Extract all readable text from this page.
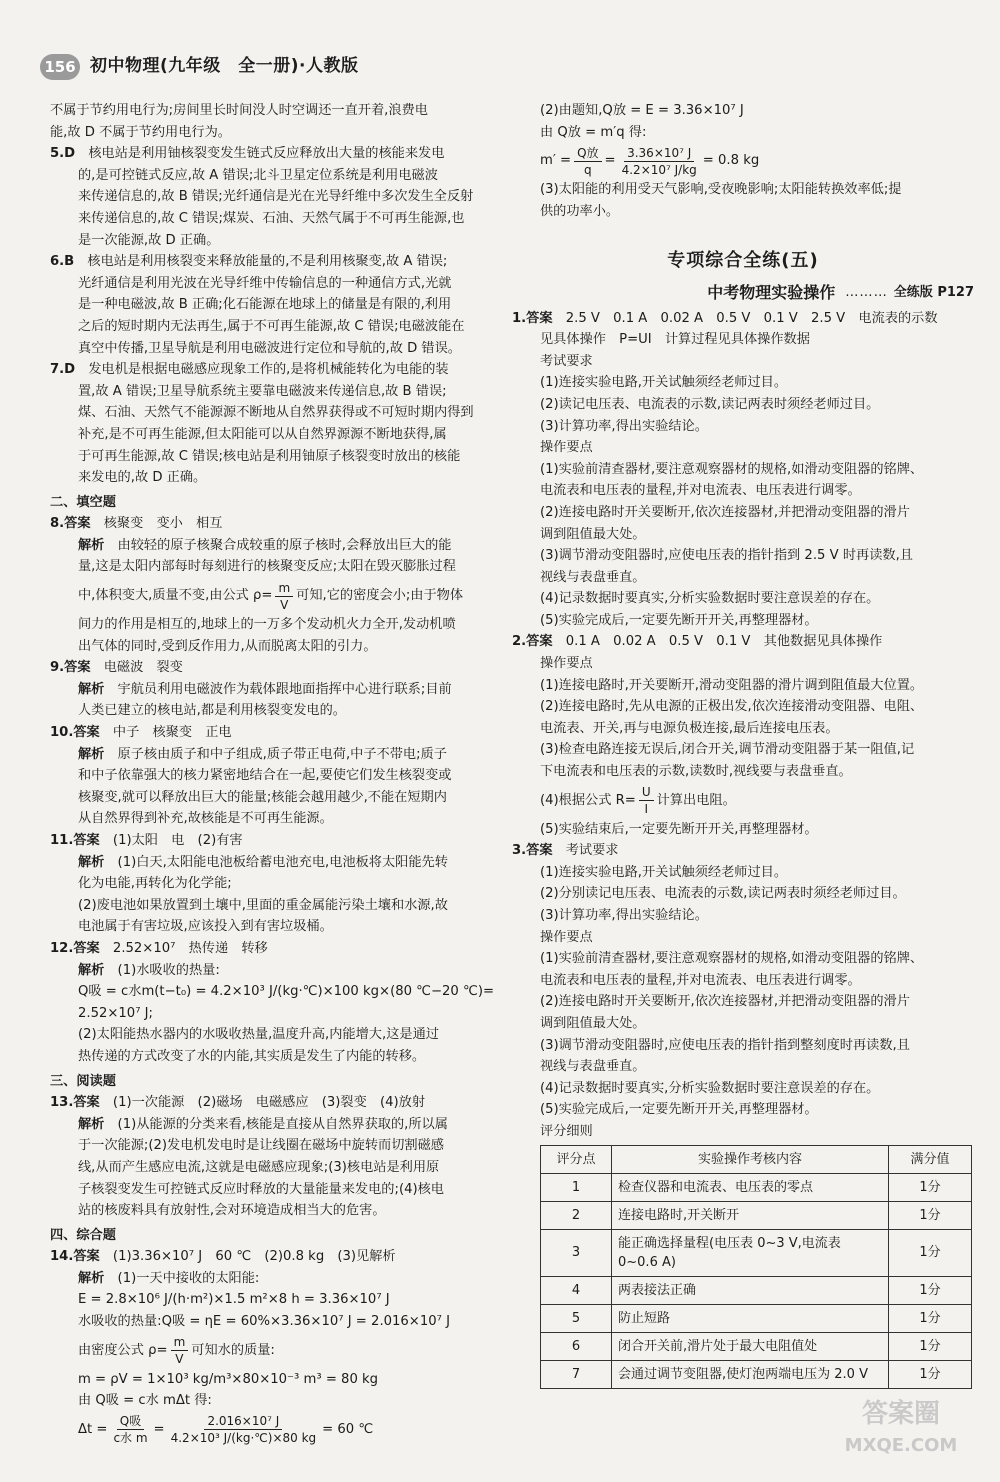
156 初中物理(九年级　全一册)·人教版
不属于节约用电行为;房间里长时间没人时空调还一直开着,浪费电
能,故 D 不属于节约用电行为。
5.D　核电站是利用铀核裂变发生链式反应释放出大量的核能来发电
的,是可控链式反应,故 A 错误;北斗卫星定位系统是利用电磁波
来传递信息的,故 B 错误;光纤通信是光在光导纤维中多次发生全反射
来传递信息的,故 C 错误;煤炭、石油、天然气属于不可再生能源,也
是一次能源,故 D 正确。
6.B　核电站是利用核裂变来释放能量的,不是利用核聚变,故 A 错误;
光纤通信是利用光波在光导纤维中传输信息的一种通信方式,光就
是一种电磁波,故 B 正确;化石能源在地球上的储量是有限的,利用
之后的短时期内无法再生,属于不可再生能源,故 C 错误;电磁波能在
真空中传播,卫星导航是利用电磁波进行定位和导航的,故 D 错误。
7.D　发电机是根据电磁感应现象工作的,是将机械能转化为电能的装
置,故 A 错误;卫星导航系统主要靠电磁波来传递信息,故 B 错误;
煤、石油、天然气不能源源不断地从自然界获得或不可短时期内得到
补充,是不可再生能源,但太阳能可以从自然界源源不断地获得,属
于可再生能源,故 C 错误;核电站是利用铀原子核裂变时放出的核能
来发电的,故 D 正确。
二、填空题
8.答案　核聚变　变小　相互
解析　由较轻的原子核聚合成较重的原子核时,会释放出巨大的能
量,这是太阳内部每时每刻进行的核聚变反应;太阳在毁灭膨胀过程
中,体积变大,质量不变,由公式 $\rho= \frac{m}{V}$ 可知,它的密度会小;由于物体
间力的作用是相互的,地球上的一万多个发动机火力全开,发动机喷
出气体的同时,受到反作用力,从而脱离太阳的引力。
9.答案　电磁波　裂变
解析　宇航员利用电磁波作为载体跟地面指挥中心进行联系;目前
人类已建立的核电站,都是利用核裂变发电的。
10.答案　中子　核聚变　正电
解析　原子核由质子和中子组成,质子带正电荷,中子不带电;质子
和中子依靠强大的核力紧密地结合在一起,要使它们发生核裂变或
核聚变,就可以释放出巨大的能量;核能会越用越少,不能在短期内
从自然界得到补充,故核能是不可再生能源。
11.答案　(1)太阳　电　(2)有害
解析　(1)白天,太阳能电池板给蓄电池充电,电池板将太阳能先转
化为电能,再转化为化学能;
(2)废电池如果放置到土壤中,里面的重金属能污染土壤和水源,故
电池属于有害垃圾,应该投入到有害垃圾桶。
12.答案　2.52×10⁷　热传递　转移
解析　(1)水吸收的热量:
Q吸 = c水m(t−t₀) = 4.2×10³ J/(kg·℃)×100 kg×(80 ℃−20 ℃)=
2.52×10⁷ J;
(2)太阳能热水器内的水吸收热量,温度升高,内能增大,这是通过
热传递的方式改变了水的内能,其实质是发生了内能的转移。
三、阅读题
13.答案　(1)一次能源　(2)磁场　电磁感应　(3)裂变　(4)放射
解析　(1)从能源的分类来看,核能是直接从自然界获取的,所以属
于一次能源;(2)发电机发电时是让线圈在磁场中旋转而切割磁感
线,从而产生感应电流,这就是电磁感应现象;(3)核电站是利用原
子核裂变发生可控链式反应时释放的大量能量来发电的;(4)核电
站的核废料具有放射性,会对环境造成相当大的危害。
四、综合题
14.答案　(1)3.36×10⁷ J　60 ℃　(2)0.8 kg　(3)见解析
解析　(1)一天中接收的太阳能:
E = 2.8×10⁶ J/(h·m²)×1.5 m²×8 h = 3.36×10⁷ J
水吸收的热量:Q吸 = ηE = 60%×3.36×10⁷ J = 2.016×10⁷ J
由密度公式 $\rho= \frac{m}{V}$ 可知水的质量:
m = ρV = 1×10³ kg/m³×80×10⁻³ m³ = 80 kg
由 Q吸 = c水 mΔt 得:
$\Delta t = \frac{\text{Q吸}}{\text{c水 m}} = \frac{\text{2.016×10⁷ J}}{\text{4.2×10³ J/(kg·℃)×80 kg}} = 60$ ℃
(2)由题知,Q放 = E = 3.36×10⁷ J
由 Q放 = m′q 得:
$m' = \frac{\text{Q放}}{q} = \frac{\text{3.36×10⁷ J}}{\text{4.2×10⁷ J/kg}} = 0.8$ kg
(3)太阳能的利用受天气影响,受夜晚影响;太阳能转换效率低;提
供的功率小。
专项综合全练(五)
中考物理实验操作 ……… 全练版 P127
1.答案　2.5 V　0.1 A　0.02 A　0.5 V　0.1 V　2.5 V　电流表的示数
见具体操作　P=UI　计算过程见具体操作数据
考试要求
(1)连接实验电路,开关试触须经老师过目。
(2)读记电压表、电流表的示数,读记两表时须经老师过目。
(3)计算功率,得出实验结论。
操作要点
(1)实验前清查器材,要注意观察器材的规格,如滑动变阻器的铭牌、
电流表和电压表的量程,并对电流表、电压表进行调零。
(2)连接电路时开关要断开,依次连接器材,并把滑动变阻器的滑片
调到阻值最大处。
(3)调节滑动变阻器时,应使电压表的指针指到 2.5 V 时再读数,且
视线与表盘垂直。
(4)记录数据时要真实,分析实验数据时要注意误差的存在。
(5)实验完成后,一定要先断开开关,再整理器材。
2.答案　0.1 A　0.02 A　0.5 V　0.1 V　其他数据见具体操作
操作要点
(1)连接电路时,开关要断开,滑动变阻器的滑片调到阻值最大位置。
(2)连接电路时,先从电源的正极出发,依次连接滑动变阻器、电阻、
电流表、开关,再与电源负极连接,最后连接电压表。
(3)检查电路连接无误后,闭合开关,调节滑动变阻器于某一阻值,记
下电流表和电压表的示数,读数时,视线要与表盘垂直。
(4)根据公式 $R= \frac{U}{I}$ 计算出电阻。
(5)实验结束后,一定要先断开开关,再整理器材。
3.答案　考试要求
(1)连接实验电路,开关试触须经老师过目。
(2)分别读记电压表、电流表的示数,读记两表时须经老师过目。
(3)计算功率,得出实验结论。
操作要点
(1)实验前清查器材,要注意观察器材的规格,如滑动变阻器的铭牌、
电流表和电压表的量程,并对电流表、电压表进行调零。
(2)连接电路时开关要断开,依次连接器材,并把滑动变阻器的滑片
调到阻值最大处。
(3)调节滑动变阻器时,应使电压表的指针指到整刻度时再读数,且
视线与表盘垂直。
(4)记录数据时要真实,分析实验数据时要注意误差的存在。
(5)实验完成后,一定要先断开开关,再整理器材。
评分细则
评分点	实验操作考核内容	满分值
1	检查仪器和电流表、电压表的零点	1分
2	连接电路时,开关断开	1分
3	能正确选择量程(电压表 0~3 V,电流表 0~0.6 A)	1分
4	两表接法正确	1分
5	防止短路	1分
6	闭合开关前,滑片处于最大电阻值处	1分
7	会通过调节变阻器,使灯泡两端电压为 2.0 V	1分
答案圈
MXQE.COM
